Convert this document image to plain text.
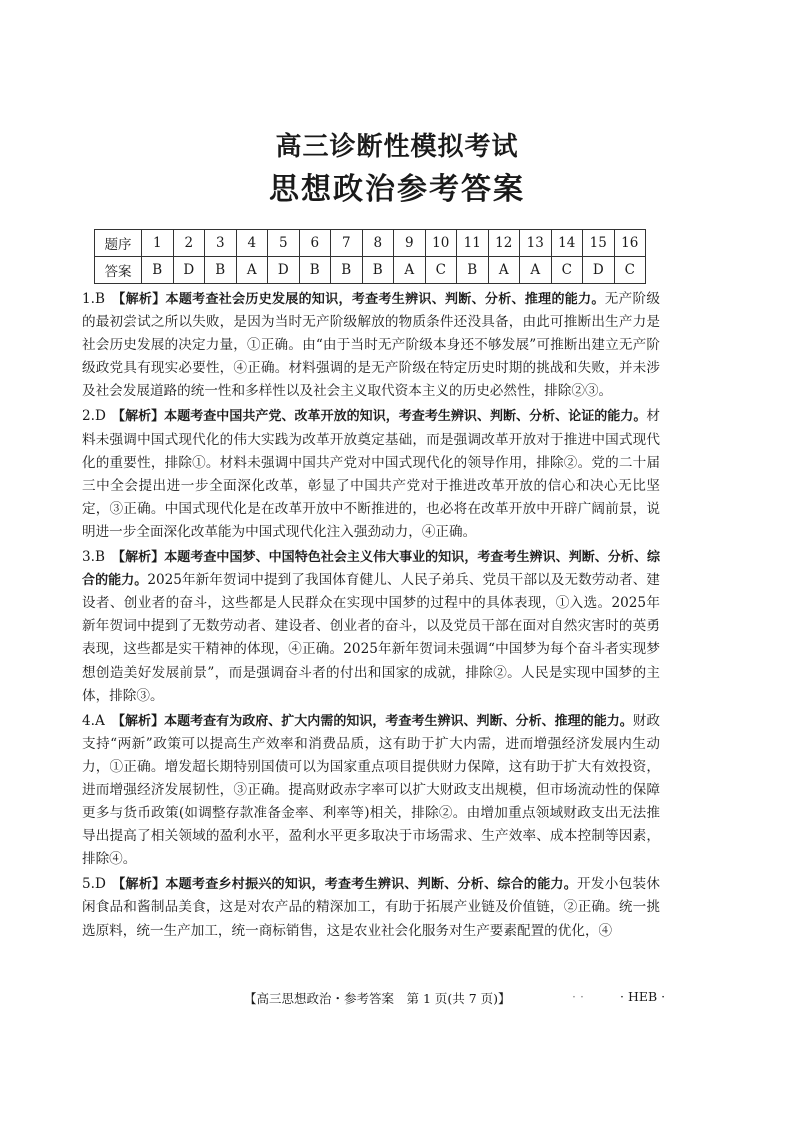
高三诊断性模拟考试
思想政治参考答案
题序	1	2	3	4	5	6	7	8	9	10	11	12	13	14	15	16
答案	B	D	B	A	D	B	B	B	A	C	B	A	A	C	D	C
1.B 【解析】本题考查社会历史发展的知识，考查考生辨识、判断、分析、推理的能力。无产阶级的最初尝试之所以失败，是因为当时无产阶级解放的物质条件还没具备，由此可推断出生产力是社会历史发展的决定力量，①正确。由“由于当时无产阶级本身还不够发展”可推断出建立无产阶级政党具有现实必要性，④正确。材料强调的是无产阶级在特定历史时期的挑战和失败，并未涉及社会发展道路的统一性和多样性以及社会主义取代资本主义的历史必然性，排除②③。
2.D 【解析】本题考查中国共产党、改革开放的知识，考查考生辨识、判断、分析、论证的能力。材料未强调中国式现代化的伟大实践为改革开放奠定基础，而是强调改革开放对于推进中国式现代化的重要性，排除①。材料未强调中国共产党对中国式现代化的领导作用，排除②。党的二十届三中全会提出进一步全面深化改革，彰显了中国共产党对于推进改革开放的信心和决心无比坚定，③正确。中国式现代化是在改革开放中不断推进的，也必将在改革开放中开辟广阔前景，说明进一步全面深化改革能为中国式现代化注入强劲动力，④正确。
3.B 【解析】本题考查中国梦、中国特色社会主义伟大事业的知识，考查考生辨识、判断、分析、综合的能力。2025年新年贺词中提到了我国体育健儿、人民子弟兵、党员干部以及无数劳动者、建设者、创业者的奋斗，这些都是人民群众在实现中国梦的过程中的具体表现，①入选。2025年新年贺词中提到了无数劳动者、建设者、创业者的奋斗，以及党员干部在面对自然灾害时的英勇表现，这些都是实干精神的体现，④正确。2025年新年贺词未强调“中国梦为每个奋斗者实现梦想创造美好发展前景”，而是强调奋斗者的付出和国家的成就，排除②。人民是实现中国梦的主体，排除③。
4.A 【解析】本题考查有为政府、扩大内需的知识，考查考生辨识、判断、分析、推理的能力。财政支持“两新”政策可以提高生产效率和消费品质，这有助于扩大内需，进而增强经济发展内生动力，①正确。增发超长期特别国债可以为国家重点项目提供财力保障，这有助于扩大有效投资，进而增强经济发展韧性，③正确。提高财政赤字率可以扩大财政支出规模，但市场流动性的保障更多与货币政策(如调整存款准备金率、利率等)相关，排除②。由增加重点领域财政支出无法推导出提高了相关领域的盈利水平，盈利水平更多取决于市场需求、生产效率、成本控制等因素，排除④。
5.D 【解析】本题考查乡村振兴的知识，考查考生辨识、判断、分析、综合的能力。开发小包装休闲食品和酱制品美食，这是对农产品的精深加工，有助于拓展产业链及价值链，②正确。统一挑选原料，统一生产加工，统一商标销售，这是农业社会化服务对生产要素配置的优化，④
【高三思想政治・参考答案　第 1 页(共 7 页)】	· ·	· HEB ·
